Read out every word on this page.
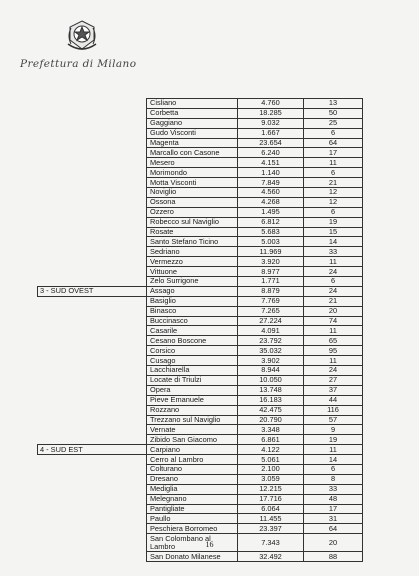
Prefettura di Milano
	Cisliano	4.760	13
	Corbetta	18.285	50
	Gaggiano	9.032	25
	Gudo Visconti	1.667	6
	Magenta	23.654	64
	Marcallo con Casone	6.240	17
	Mesero	4.151	11
	Morimondo	1.140	6
	Motta Visconti	7.849	21
	Noviglio	4.560	12
	Ossona	4.268	12
	Ozzero	1.495	6
	Robecco sul Naviglio	6.812	19
	Rosate	5.683	15
	Santo Stefano Ticino	5.003	14
	Sedriano	11.969	33
	Vermezzo	3.920	11
	Vittuone	8.977	24
	Zelo Surrigone	1.771	6
3 - SUD OVEST	Assago	8.879	24
	Basiglio	7.769	21
	Binasco	7.265	20
	Buccinasco	27.224	74
	Casarile	4.091	11
	Cesano Boscone	23.792	65
	Corsico	35.032	95
	Cusago	3.902	11
	Lacchiarella	8.944	24
	Locate di Triulzi	10.050	27
	Opera	13.748	37
	Pieve Emanuele	16.183	44
	Rozzano	42.475	116
	Trezzano sul Naviglio	20.790	57
	Vernate	3.348	9
	Zibido San Giacomo	6.861	19
4 - SUD EST	Carpiano	4.122	11
	Cerro al Lambro	5.061	14
	Colturano	2.100	6
	Dresano	3.059	8
	Mediglia	12.215	33
	Melegnano	17.716	48
	Pantigliate	6.064	17
	Paullo	11.455	31
	Peschiera Borromeo	23.397	64
	San Colombano al Lambro	7.343	20
	San Donato Milanese	32.492	88
16
